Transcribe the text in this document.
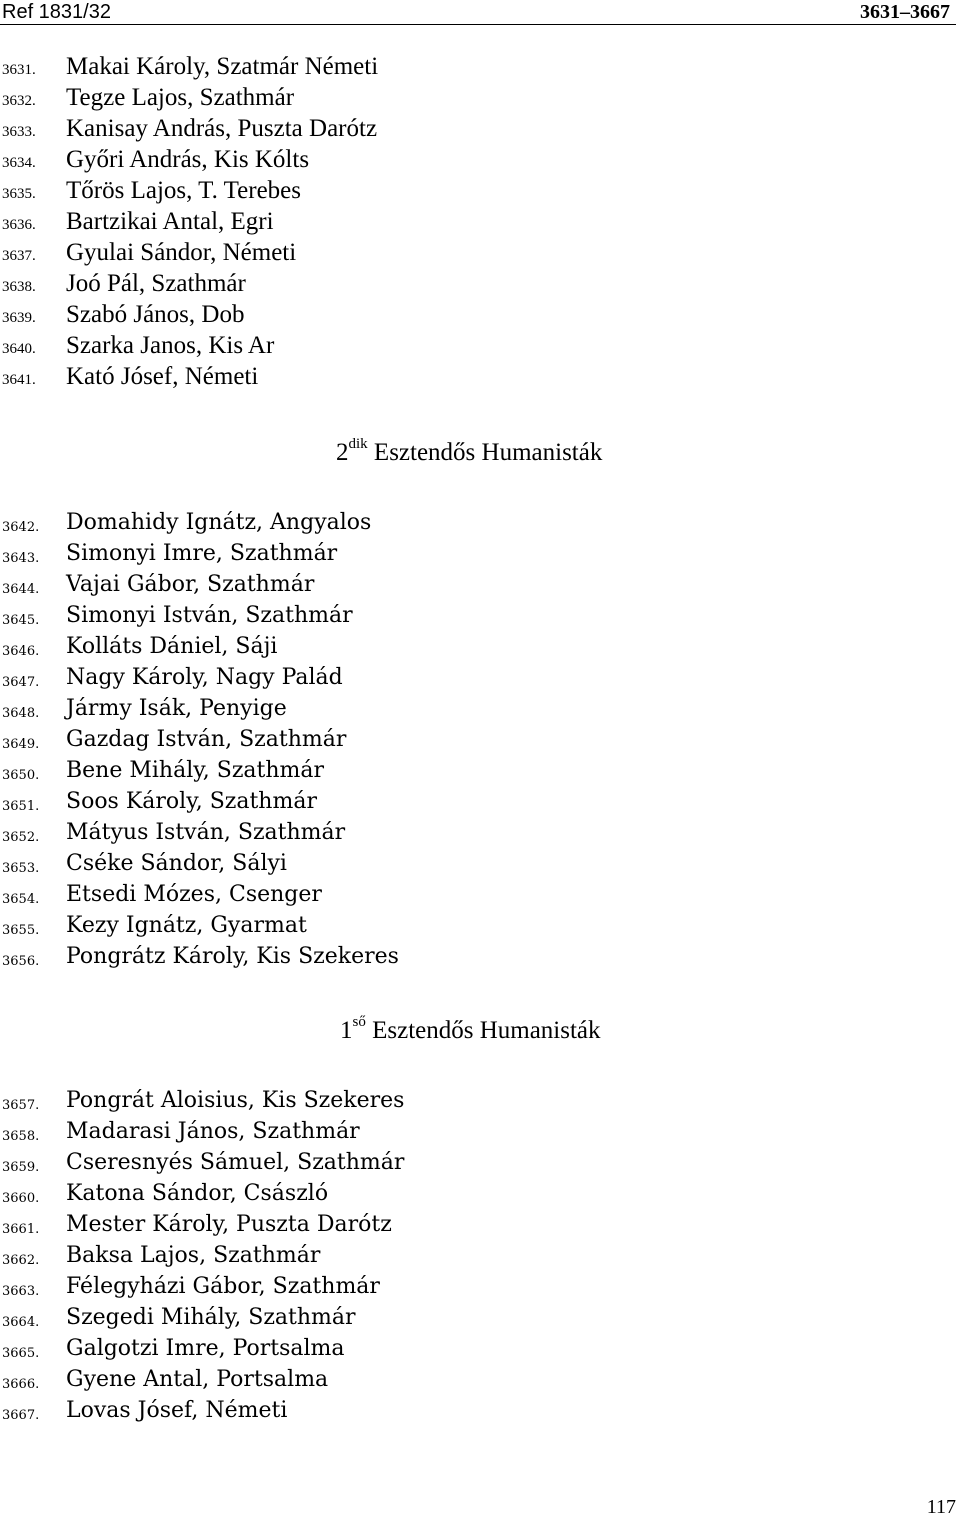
Ref 1831/32	3631–3667
3631. Makai Károly, Szatmár Németi
3632. Tegze Lajos, Szathmár
3633. Kanisay András, Puszta Darótz
3634. Győri András, Kis Kólts
3635. Tőrös Lajos, T. Terebes
3636. Bartzikai Antal, Egri
3637. Gyulai Sándor, Németi
3638. Joó Pál, Szathmár
3639. Szabó János, Dob
3640. Szarka Janos, Kis Ar
3641. Kató Jósef, Németi
$2^{dik}$ Esztendős Humanisták
3642. Domahidy Ignátz, Angyalos
3643. Simonyi Imre, Szathmár
3644. Vajai Gábor, Szathmár
3645. Simonyi István, Szathmár
3646. Kolláts Dániel, Sáji
3647. Nagy Károly, Nagy Palád
3648. Jármy Isák, Penyige
3649. Gazdag István, Szathmár
3650. Bene Mihály, Szathmár
3651. Soos Károly, Szathmár
3652. Mátyus István, Szathmár
3653. Cséke Sándor, Sályi
3654. Etsedi Mózes, Csenger
3655. Kezy Ignátz, Gyarmat
3656. Pongrátz Károly, Kis Szekeres
$1^{ső}$ Esztendős Humanisták
3657. Pongrát Aloisius, Kis Szekeres
3658. Madarasi János, Szathmár
3659. Cseresnyés Sámuel, Szathmár
3660. Katona Sándor, Császló
3661. Mester Károly, Puszta Darótz
3662. Baksa Lajos, Szathmár
3663. Félegyházi Gábor, Szathmár
3664. Szegedi Mihály, Szathmár
3665. Galgotzi Imre, Portsalma
3666. Gyene Antal, Portsalma
3667. Lovas Jósef, Németi
117
